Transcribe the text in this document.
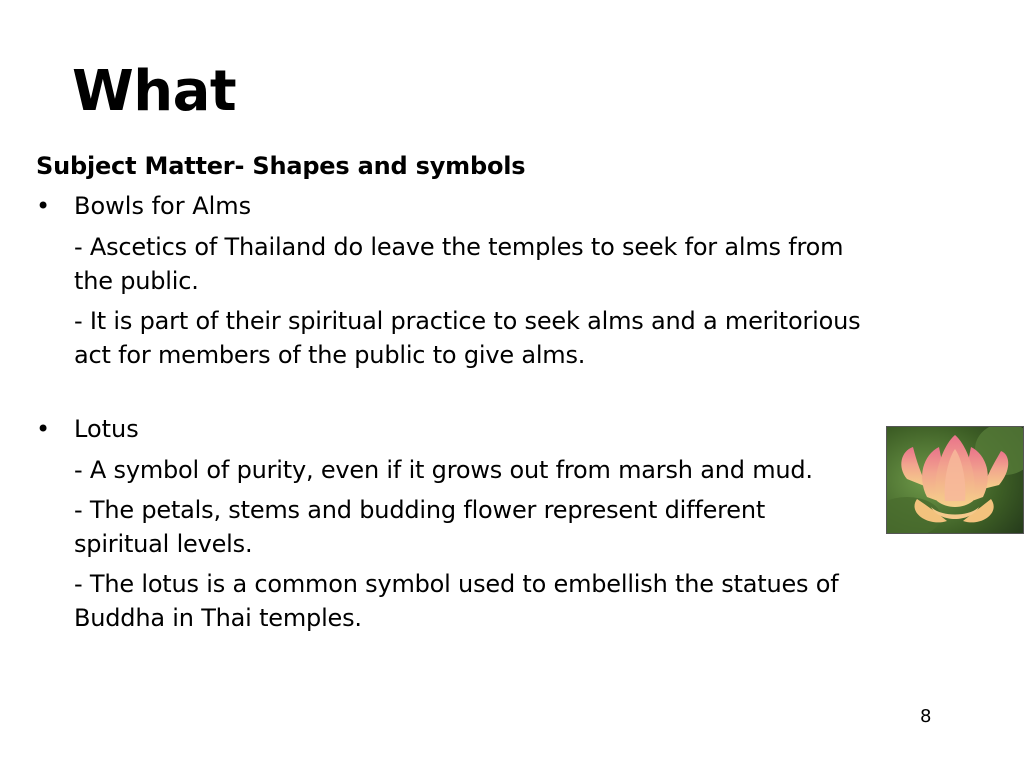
What
Subject Matter- Shapes and symbols
• Bowls for Alms
- Ascetics of Thailand do leave the temples to seek for alms from the public.
- It is part of their spiritual practice to seek alms and a meritorious act for members of the public to give alms.
• Lotus
- A symbol of purity, even if it grows out from marsh and mud.
- The petals, stems and budding flower represent different spiritual levels.
- The lotus is a common symbol used to embellish the statues of Buddha in Thai temples.
8
